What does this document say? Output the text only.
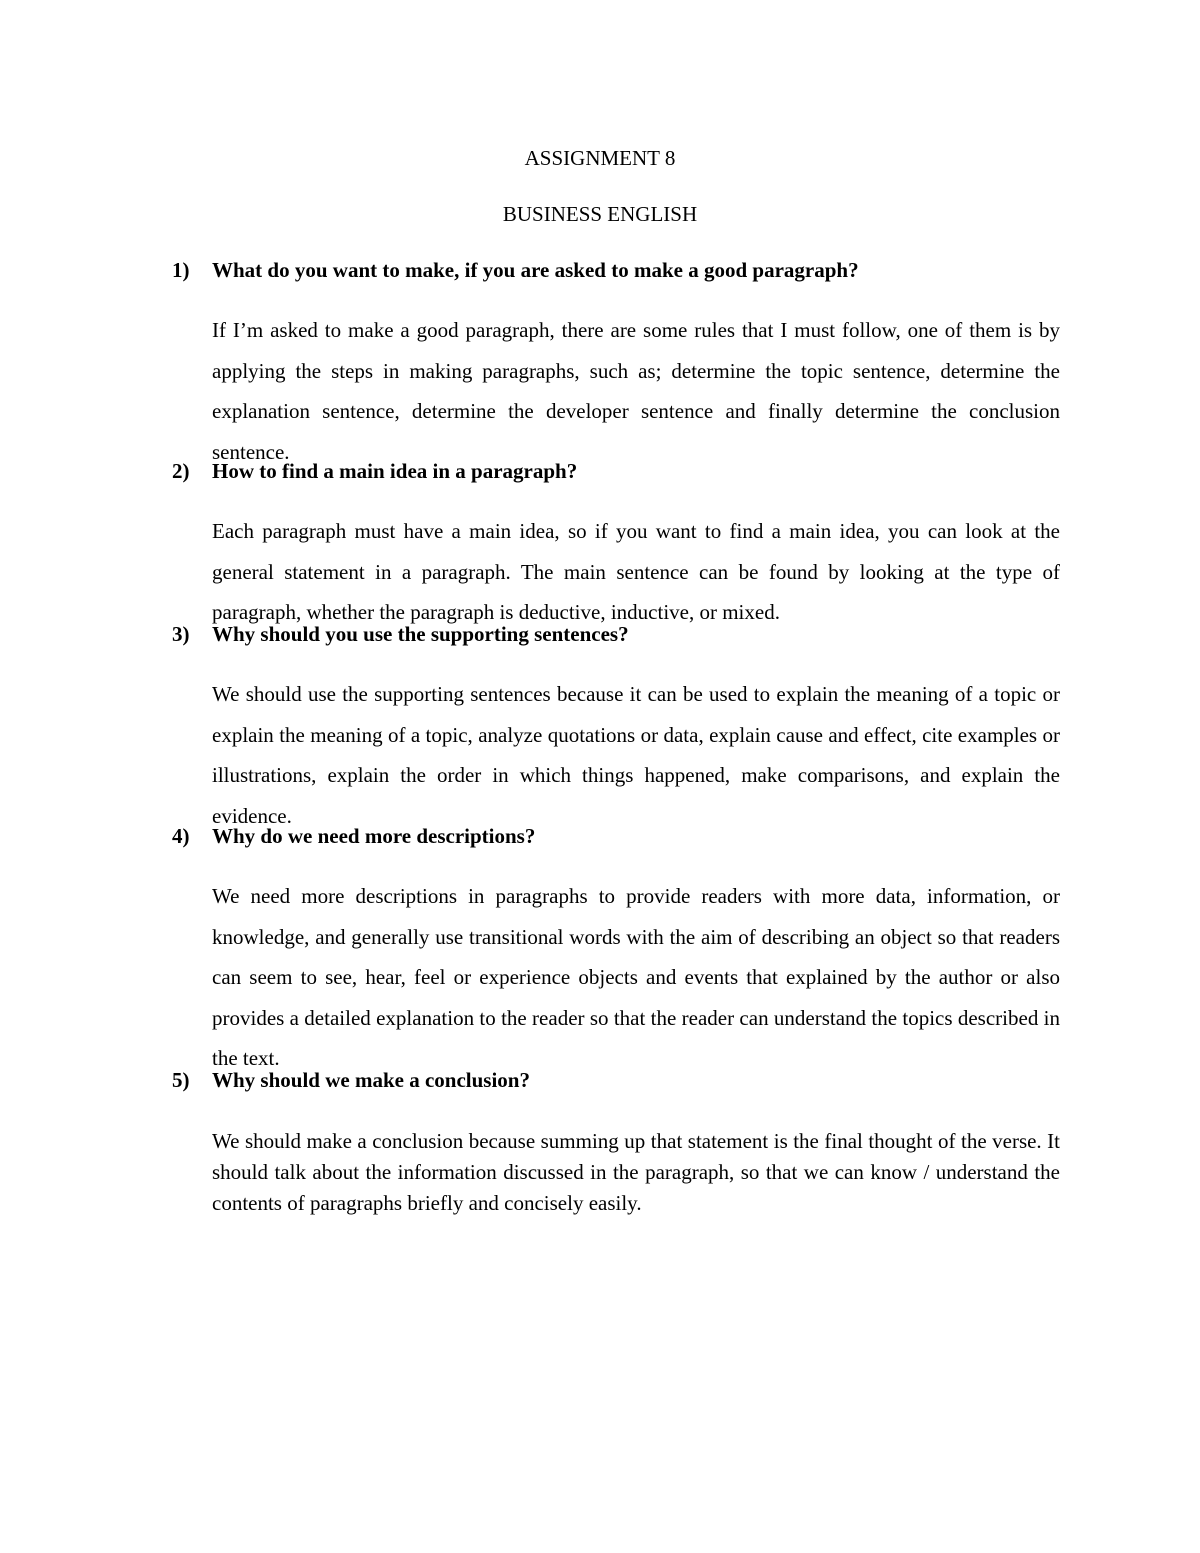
ASSIGNMENT 8
BUSINESS ENGLISH
1) What do you want to make, if you are asked to make a good paragraph?

If I’m asked to make a good paragraph, there are some rules that I must follow, one of them is by applying the steps in making paragraphs, such as; determine the topic sentence, determine the explanation sentence, determine the developer sentence and finally determine the conclusion sentence.

2) How to find a main idea in a paragraph?

Each paragraph must have a main idea, so if you want to find a main idea, you can look at the general statement in a paragraph. The main sentence can be found by looking at the type of paragraph, whether the paragraph is deductive, inductive, or mixed.

3) Why should you use the supporting sentences?

We should use the supporting sentences because it can be used to explain the meaning of a topic or explain the meaning of a topic, analyze quotations or data, explain cause and effect, cite examples or illustrations, explain the order in which things happened, make comparisons, and explain the evidence.

4) Why do we need more descriptions?

We need more descriptions in paragraphs to provide readers with more data, information, or knowledge, and generally use transitional words with the aim of describing an object so that readers can seem to see, hear, feel or experience objects and events that explained by the author or also provides a detailed explanation to the reader so that the reader can understand the topics described in the text.

5) Why should we make a conclusion?

We should make a conclusion because summing up that statement is the final thought of the verse. It should talk about the information discussed in the paragraph, so that we can know / understand the contents of paragraphs briefly and concisely easily.
